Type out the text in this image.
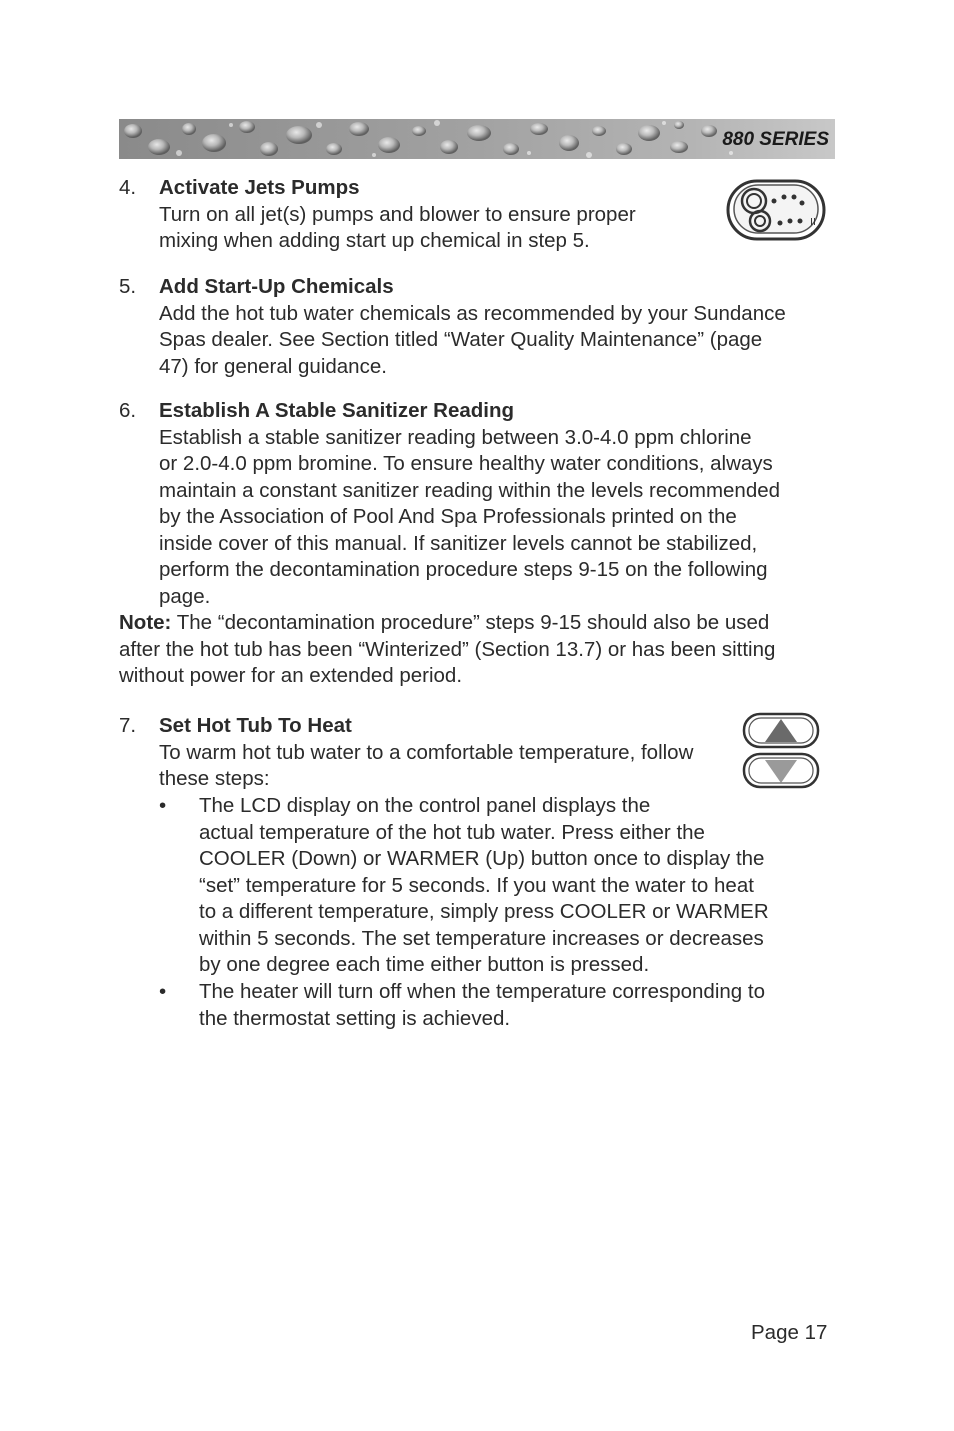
880 SERIES
4. Activate Jets Pumps
Turn on all jet(s) pumps and blower to ensure proper
mixing when adding start up chemical in step 5.
II
5. Add Start-Up Chemicals
Add the hot tub water chemicals as recommended by your Sundance
Spas dealer. See Section titled “Water Quality Maintenance” (page
47) for general guidance.
6. Establish A Stable Sanitizer Reading
Establish a stable sanitizer reading between 3.0-4.0 ppm chlorine
or 2.0-4.0 ppm bromine. To ensure healthy water conditions, always
maintain a constant sanitizer reading within the levels recommended
by the Association of Pool And Spa Professionals printed on the
inside cover of this manual. If sanitizer levels cannot be stabilized,
perform the decontamination procedure steps 9-15 on the following
page.
Note: The “decontamination procedure” steps 9-15 should also be used
after the hot tub has been “Winterized” (Section 13.7) or has been sitting
without power for an extended period.
7. Set Hot Tub To Heat
To warm hot tub water to a comfortable temperature, follow
these steps:
• The LCD display on the control panel displays the
actual temperature of the hot tub water. Press either the
COOLER (Down) or WARMER (Up) button once to display the
“set” temperature for 5 seconds. If you want the water to heat
to a different temperature, simply press COOLER or WARMER
within 5 seconds. The set temperature increases or decreases
by one degree each time either button is pressed.
• The heater will turn off when the temperature corresponding to
the thermostat setting is achieved.
Page 17
